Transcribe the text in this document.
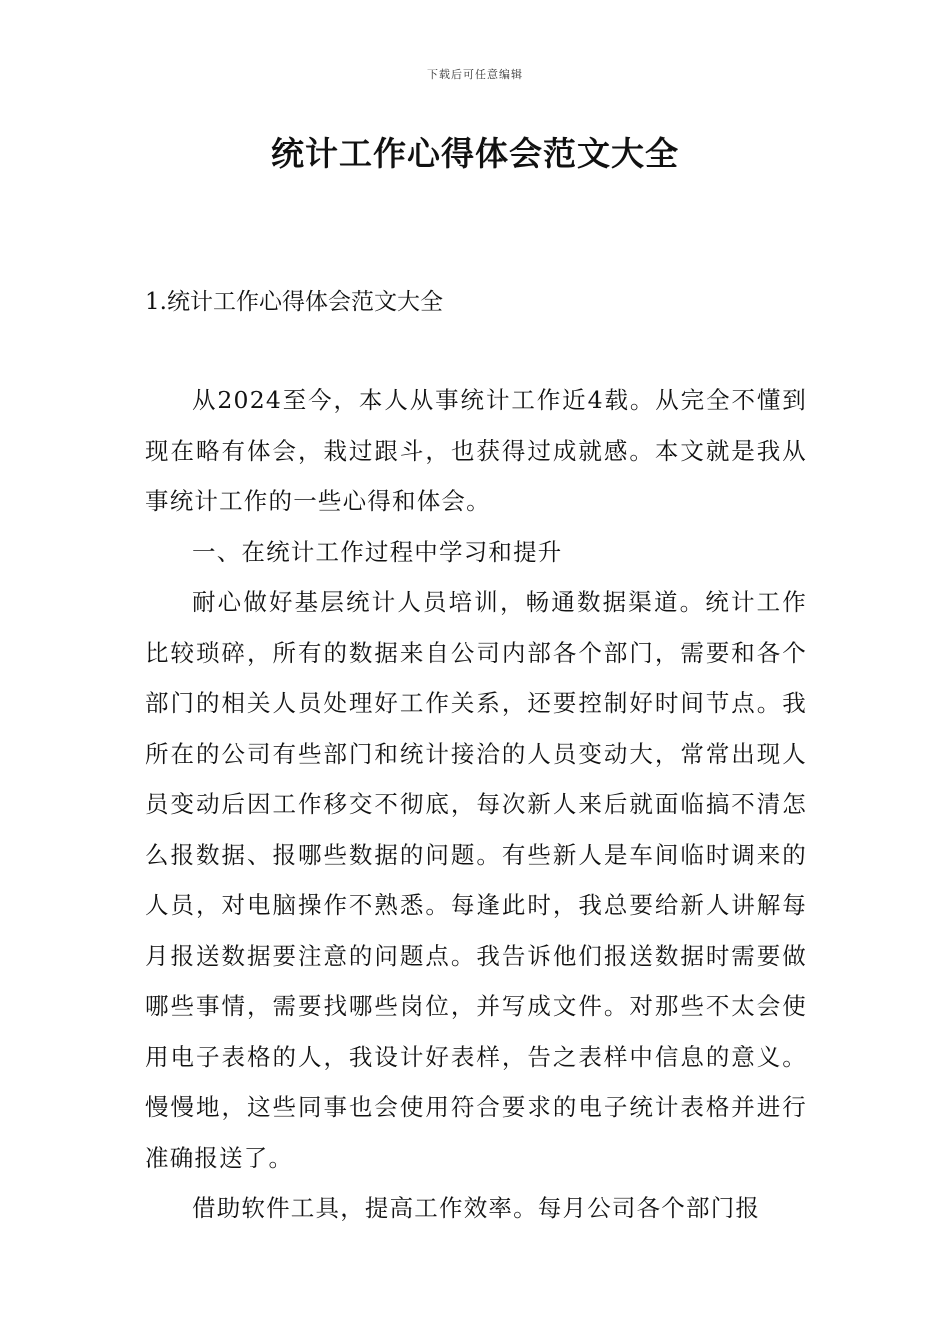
下载后可任意编辑
统计工作心得体会范文大全
1.统计工作心得体会范文大全

从2024至今，本人从事统计工作近4载。从完全不懂到现在略有体会，栽过跟斗，也获得过成就感。本文就是我从事统计工作的一些心得和体会。

一、在统计工作过程中学习和提升

耐心做好基层统计人员培训，畅通数据渠道。统计工作比较琐碎，所有的数据来自公司内部各个部门，需要和各个部门的相关人员处理好工作关系，还要控制好时间节点。我所在的公司有些部门和统计接洽的人员变动大，常常出现人员变动后因工作移交不彻底，每次新人来后就面临搞不清怎么报数据、报哪些数据的问题。有些新人是车间临时调来的人员，对电脑操作不熟悉。每逢此时，我总要给新人讲解每月报送数据要注意的问题点。我告诉他们报送数据时需要做哪些事情，需要找哪些岗位，并写成文件。对那些不太会使用电子表格的人，我设计好表样，告之表样中信息的意义。慢慢地，这些同事也会使用符合要求的电子统计表格并进行准确报送了。

借助软件工具，提高工作效率。每月公司各个部门报
